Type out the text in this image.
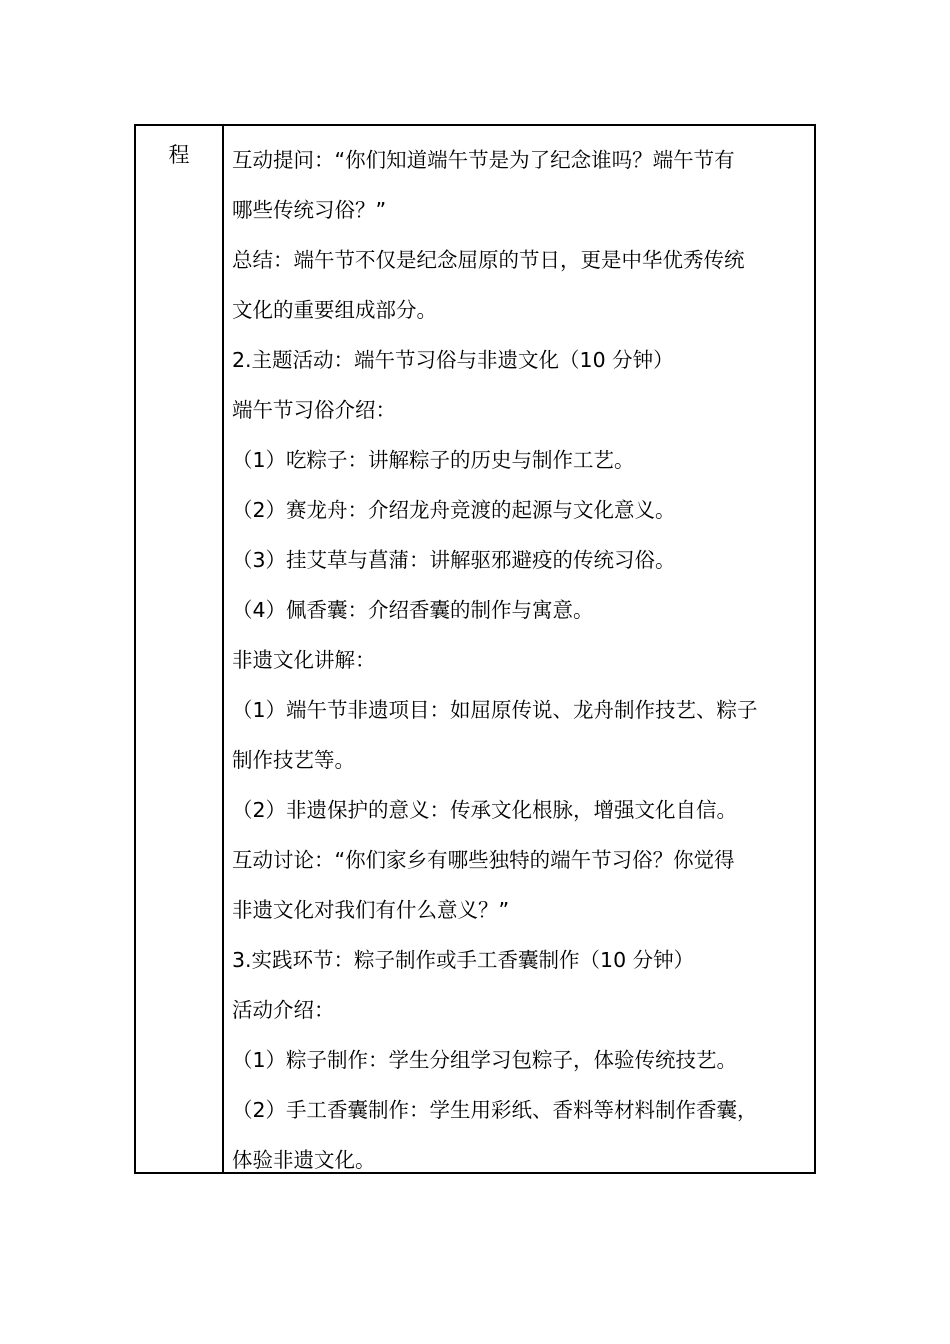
程	互动提问：“你们知道端午节是为了纪念谁吗？端午节有
哪些传统习俗？”
总结：端午节不仅是纪念屈原的节日，更是中华优秀传统
文化的重要组成部分。
2.主题活动：端午节习俗与非遗文化（10 分钟）
端午节习俗介绍：
（1）吃粽子：讲解粽子的历史与制作工艺。
（2）赛龙舟：介绍龙舟竞渡的起源与文化意义。
（3）挂艾草与菖蒲：讲解驱邪避疫的传统习俗。
（4）佩香囊：介绍香囊的制作与寓意。
非遗文化讲解：
（1）端午节非遗项目：如屈原传说、龙舟制作技艺、粽子
制作技艺等。
（2）非遗保护的意义：传承文化根脉，增强文化自信。
互动讨论：“你们家乡有哪些独特的端午节习俗？你觉得
非遗文化对我们有什么意义？”
3.实践环节：粽子制作或手工香囊制作（10 分钟）
活动介绍：
（1）粽子制作：学生分组学习包粽子，体验传统技艺。
（2）手工香囊制作：学生用彩纸、香料等材料制作香囊，
体验非遗文化。
